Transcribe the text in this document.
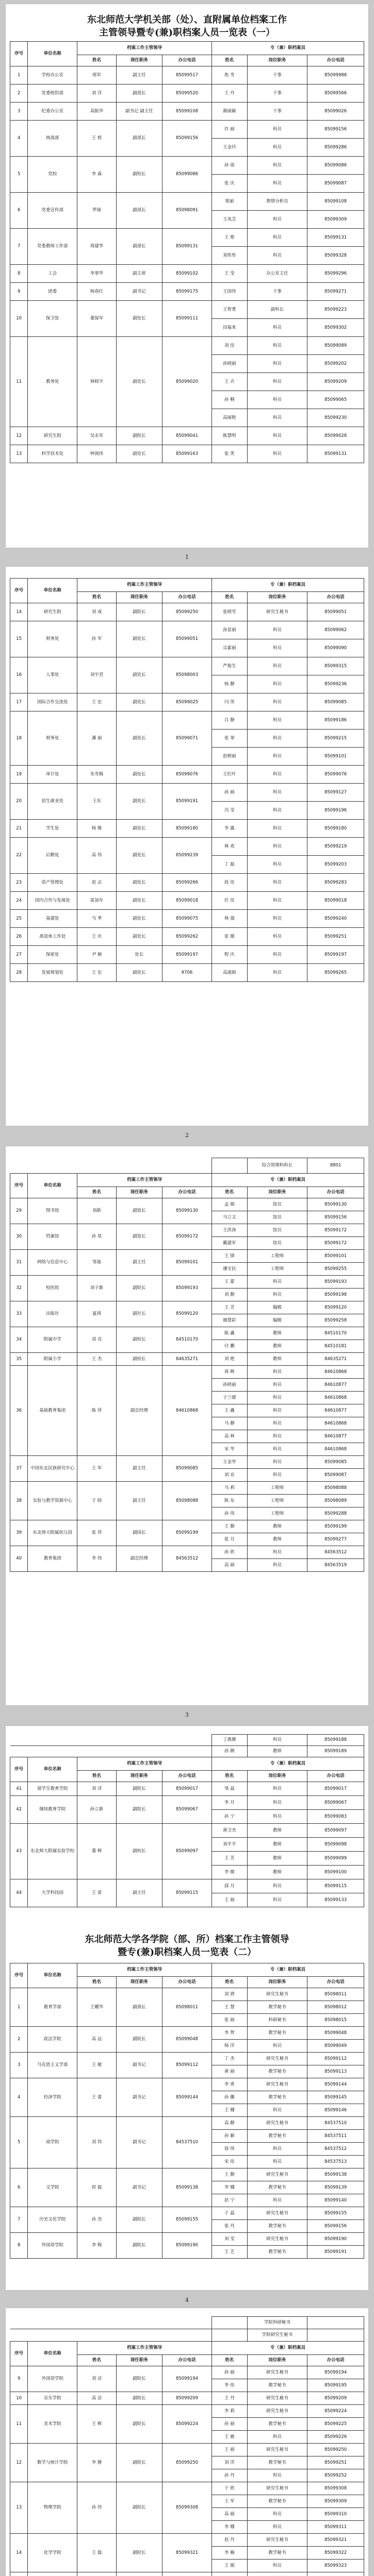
东北师范大学机关部（处）、直附属单位档案工作

主管领导暨专(兼)职档案人员一览表（一）

序号	单位名称	档案工作主管领导			专（兼）职档案员		
		姓名	现任职务	办公电话	姓名	岗位职务	办公电话
1	学校办公室	邢军	副主任	85099517	焦 雪	干事	85099988
2	党委组织部	刘 洋	副部长	85099520	王 丹	干事	85099566
3	纪委办公室	高振华	副书记 副主任	85099108	颜丽颖	干事	85099026
4	统战部	王 轶	副部长	85099156	许 丽	科员	85099156
					王金玲	科员	85099286
5	党校	李 森	副校长	85099086	孙 瑶	科员	85099086
					张 庆	科员	85099087
6	党委宣传部	罗丽	副部长	85098091	郑丽	舆情分析员	85099108
					王凤芝	科员	85099309
7	党委教师工作部	周建华	副部长	85099131	王 艳	科员	85099131
					刘彤彤	科员	85099328
8	工会	李翠华	副主席	85099102	王 莹	办公室主任	85099296
9	团委	杨春红	副书记	85099175	王国伟	干事	85099271
10	保卫处	董保军	副处长	85099111	王智勇	副科长	85099223
					田福来	科员	85099302
11	教务处	林晓平	副处长	85099020	刘 佳	科员	85099089
					孙晓丽	科员	85099202
					王 卉	科员	85099209
					孙 桐	科员	85099065
					高丽艳	科员	85099230
12	研究生院	吴永军	副院长	85099041	陈慧明	科员	85099028
13	科学技术处	钟润伟	副处长	85099163	张 笑	科员	85099131
1
序号	单位名称	档案工作主管领导			专（兼）职档案员		
		姓名	现任职务	办公电话	姓名	岗位职务	办公电话
14	研究生院	刘 成	副院长	85099250	张晓雪	研究生秘书	85099051
15	财务处	孙 军	副处长	85099051	孙显丽	科员	85099062
					宗素丽	科员	85099090
16	人事处	刘宇君	副处长	85098003	严俊生	科员	85099315
					杨 静	科员	85099236
17	国际合作交流处	王 宏	副处长	85099025	闫 萍	科员	85099085
18	财务处	潘 丽	副处长	85099071	吕 静	科员	85099186
					张 翠	科员	85099215
					赵树丽	科员	85099101
19	审计处	朱雪梅	副处长	85099076	王红叶	科员	85099076
20	招生就业处	王东	副处长	85099191	孙 丽	科员	85099127
					冯 莹	科员	85099196
21	学生处	杨 继	副处长	85099180	李 露	科员	85099180
22	后勤处	高 伟	副处长	85099239	林 欢	科员	85099219
					丁 磊	科员	85099203
23	资产管理处	赵 志	副处长	85099266	段 佳	科员	85099283
24	国内合作与发展处	雷加年	副处长	85099018	任 佳	科员	85099018
25	基建处	马 季	副处长	85099075	林 强	科员	85099240
26	离退休工作处	王 庆	副处长	85099262	张 微	科员	85099251
27	保密处	尹 颖	处长	85099197	程 庆	科员	85099197
28	发展规划处	王 宏	副处长	9706	高淑娟	科员	85099265
2
						综合管理科科长	8801
序号	单位名称	档案工作主管领导			专（兼）职档案员		
		姓名	现任职务	办公电话	姓名	岗位职务	办公电话
29	图书馆	刘新	副馆长	85099130	孟 娟	馆员	85099130
					马立文	馆员	85099156
30	档案馆	孙 星	副馆长	85099172	王洪涛	馆员	85099172
					戴建军	馆员	85099172
31	网络与信息中心	邹迪	副主任	85099101	王 锋	工程师	85099101
					潘宝民	工程师	85099255
32	校医院	刘子新	副院长	85099193	王 蒙	科员	85099193
					刘 静	科员	85099198
33	出版社	夏鸿	副社长	85099120	王 芳	编辑	85099120
					谢慧彩	编辑	85099258
34	附属中学	刘 亮	副校长	84510170	陈 鑫	教师	84510170
					付 鹏	教师	84510181
35	附属小学	王 杰	副校长	84635271	刘 艳	教师	84635271
36	基础教育集团	陈 萍	副总经理	84610868	周 辉	科员	84610868
					孙晓丽	科员	84610877
					于兰德	科员	84610868
					王 鑫	科员	84610877
					马 静	科员	84610868
					高 林	科员	84610877
					宋 华	科员	84610868
37	中国东北民族研究中心	王 军	副主任	85099085	王金华	科员	85099085
					刘 京	科员	85099087
38	实验与教学资源中心	于 晗	副主任	85098088	马 莉	工程师	85098088
					陈 东	工程师	85098089
					孙 伟	工程师	85099288
39	东北师大附属幼儿园	张 萍	副园长	85099199	王 静	教师	85099199
					张 月	教师	85099277
40	教育集团	李 伟	副总经理	84563512	孙 欣	科员	84563512
					高 丽	科员	84563519
3
					丁燕嫦	科员	85099188
					孙 俐	教师	85099189
序号	单位名称	档案工作主管领导			专（兼）职档案员		
		姓名	现任职务	办公电话	姓名	岗位职务	办公电话
41	留学生教育学院	刘 洋	副院长	85099017	邹 晶	科员	85099017
42	继续教育学院	孙立新	副院长	85099067	李 月	科员	85099067
					孙 宁	科员	85099083
43	东北师大附属实验学校	董 辉	副校长	85099097	黄卫杰	教师	85099097
					刘平平	教师	85099098
					王 芳	教师	85099099
					李 微	教师	85099100
44	大学科技园	王 雷	副主任	85099115	邱 月	科员	85099115
					王 丽	科员	85099133

东北师范大学各学院（部、所）档案工作主管领导

暨专(兼)职档案人员一览表（二）

序号	单位名称	档案工作主管领导			专（兼）职档案员		
		姓名	现任职务	办公电话	姓名	岗位职务	办公电话
1	教育学部	王耀华	副部长	85098011	刘 倩	研究生秘书	85098011
					王 慧	教学秘书	85098012
					张 丽	科研秘书	85098015
2	政法学院	高 远	副院长	85099048	李 贺	教学秘书	85099048
					杨 洋	科员	85099049
3	马克思主义学部	王 敏	副书记	85099112	丁 杰	研究生秘书	85099112
					黄 丽	教学秘书	85099113
4	经济学院	王 蕾	副书记	85099144	李 爽	研究生秘书	85099144
					孙 璐	教学秘书	85099145
					王 娜	科员	85099146
5	商学院	刘 伟	副书记	84537510	高 静	研究生秘书	84537510
					孙 颖	教学秘书	84537511
					徐 伟	科员	84537512
					宋 佳	科员	84537513
6	文学院	侯 磊	副书记	85099138	王 静	研究生秘书	85099138
					李 娜	教学秘书	85099139
					赵 宁	科员	85099140
7	历史文化学院	孙 杰	副院长	85099155	于 晶	研究生秘书	85099155
					张 丹	教学秘书	85099156
8	外国语学院	李 梅	副院长	85099190	刘 莹	研究生秘书	85099190
					王 艺	教学秘书	85099191
4
						学院科研秘书	
						学院研究生秘书	
序号	单位名称	档案工作主管领导			专（兼）职档案员		
		姓名	现任职务	办公电话	姓名	岗位职务	办公电话
9	外国语学院	刘 洁	副院长	85099194	孙 丽	研究生秘书	85099194
					李 佳	教学秘书	85099195
10	音乐学院	高 洁	副院长	85099209	王 丹	研究生秘书	85099209
11	美术学院	王 辉	副院长	85099224	李 莉	研究生秘书	85099224
					孙 丽	教学秘书	85099225
					王 敏	科员	85099226
12	数学与统计学院	李 静	副院长	85099250	王 丽	研究生秘书	85099250
					刘 洋	教学秘书	85099251
					孙 丹	科员	85099252
13	物理学院	孙 伟	副院长	85099308	于 欣	研究生秘书	85099308
					王 军	教学秘书	85099309
					高 丽	科员	85099310
					李 娜	科员	85099311
14	化学学院	王 磊	副院长	85099321	赵 丹	研究生秘书	85099321
					李 楠	教学秘书	85099322
					王 娟	科员	85099323
